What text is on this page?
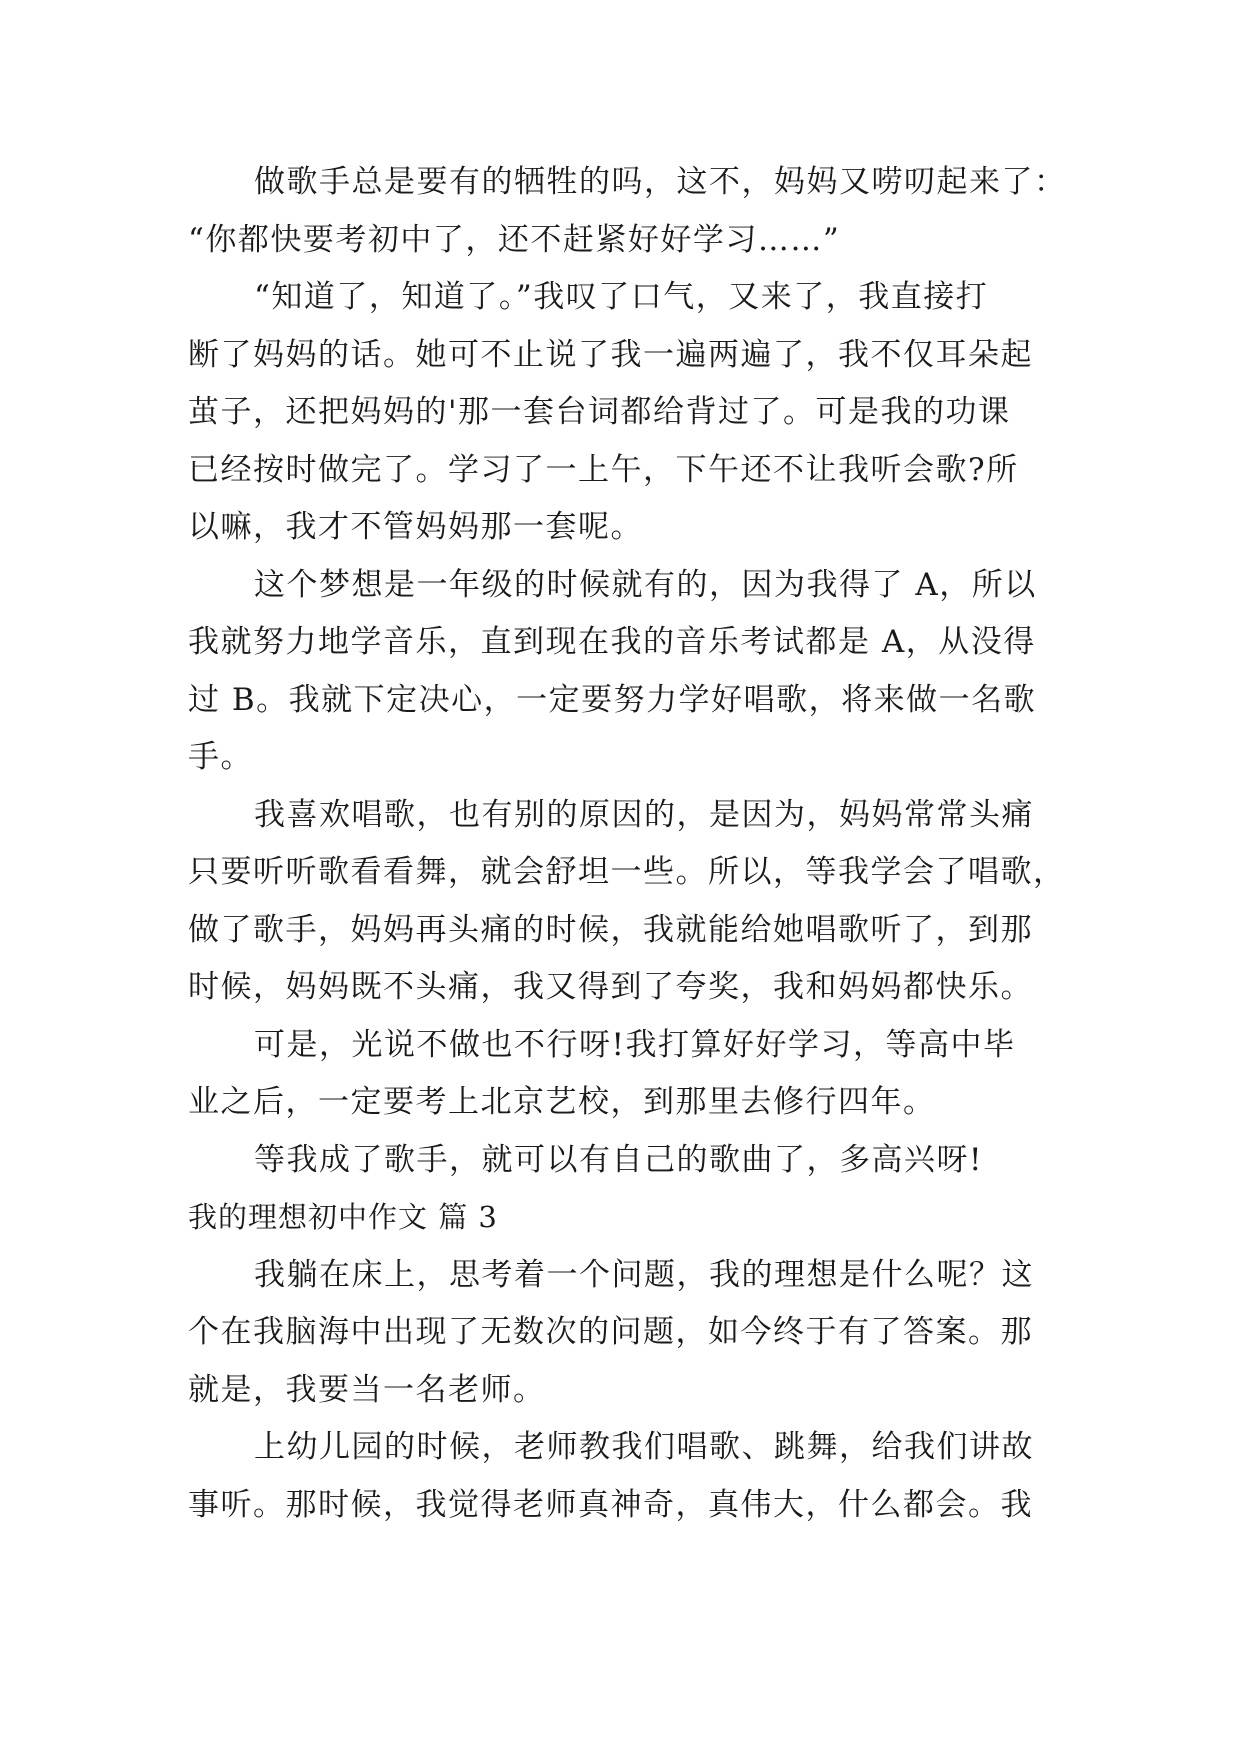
做歌手总是要有的牺牲的吗，这不，妈妈又唠叨起来了：
“你都快要考初中了，还不赶紧好好学习……”
“知道了，知道了。”我叹了口气，又来了，我直接打
断了妈妈的话。她可不止说了我一遍两遍了，我不仅耳朵起
茧子，还把妈妈的'那一套台词都给背过了。可是我的功课
已经按时做完了。学习了一上午，下午还不让我听会歌?所
以嘛，我才不管妈妈那一套呢。
这个梦想是一年级的时候就有的，因为我得了 A，所以
我就努力地学音乐，直到现在我的音乐考试都是 A，从没得
过 B。我就下定决心，一定要努力学好唱歌，将来做一名歌
手。
我喜欢唱歌，也有别的原因的，是因为，妈妈常常头痛
只要听听歌看看舞，就会舒坦一些。所以，等我学会了唱歌，
做了歌手，妈妈再头痛的时候，我就能给她唱歌听了，到那
时候，妈妈既不头痛，我又得到了夸奖，我和妈妈都快乐。
可是，光说不做也不行呀!我打算好好学习，等高中毕
业之后，一定要考上北京艺校，到那里去修行四年。
等我成了歌手，就可以有自己的歌曲了，多高兴呀!
我的理想初中作文 篇 3
我躺在床上，思考着一个问题，我的理想是什么呢？这
个在我脑海中出现了无数次的问题，如今终于有了答案。那
就是，我要当一名老师。
上幼儿园的时候，老师教我们唱歌、跳舞，给我们讲故
事听。那时候，我觉得老师真神奇，真伟大，什么都会。我
